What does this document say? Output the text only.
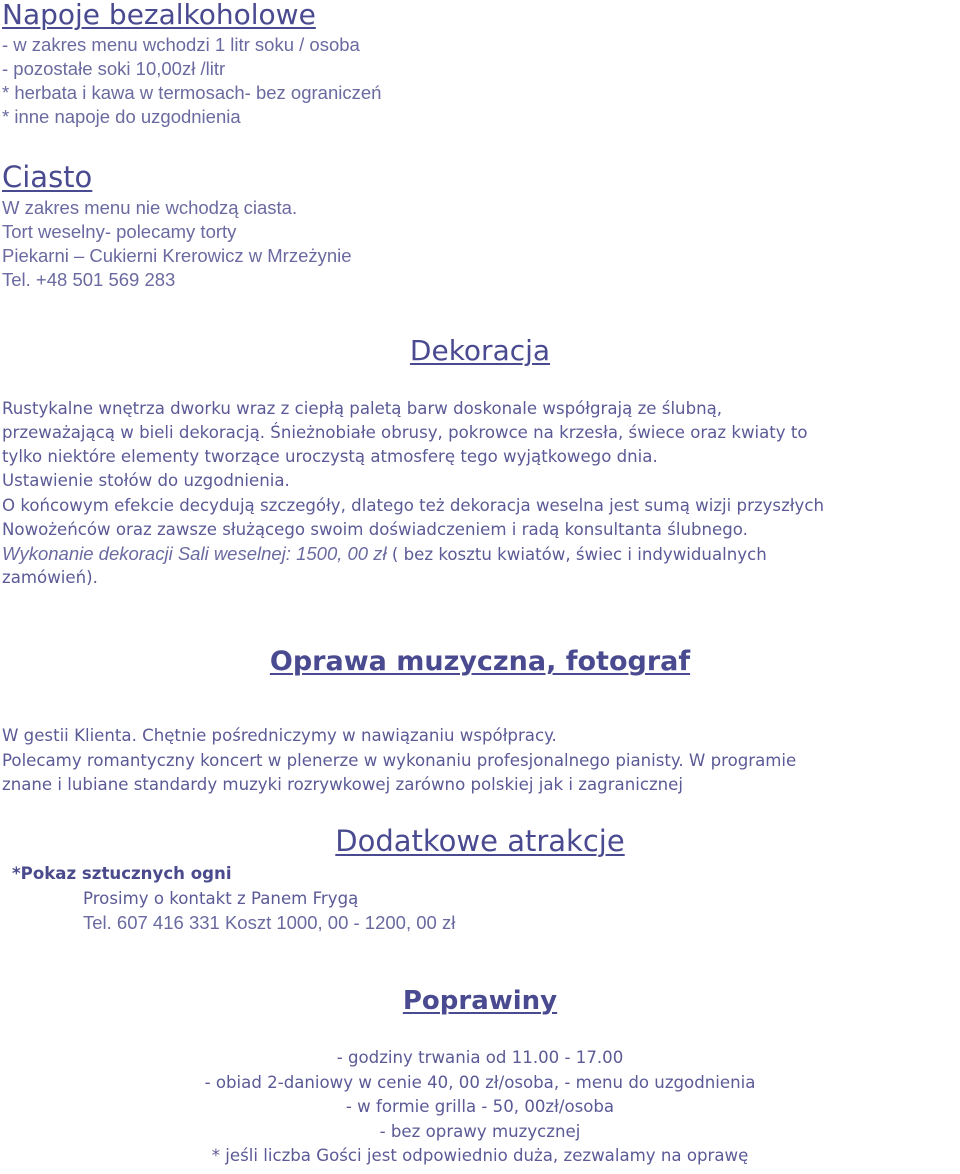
Napoje bezalkoholowe

- w zakres menu wchodzi 1 litr soku / osoba

- pozostałe soki 10,00zł /litr

* herbata i kawa w termosach- bez ograniczeń

* inne napoje do uzgodnienia

Ciasto

W zakres menu nie wchodzą ciasta.

Tort weselny- polecamy torty

Piekarni – Cukierni Krerowicz w Mrzeżynie

Tel. +48 501 569 283

Dekoracja

Rustykalne wnętrza dworku wraz z ciepłą paletą barw doskonale współgrają ze ślubną,

przeważającą w bieli dekoracją. Śnieżnobiałe obrusy, pokrowce na krzesła, świece oraz kwiaty to

tylko niektóre elementy tworzące uroczystą atmosferę tego wyjątkowego dnia.

Ustawienie stołów do uzgodnienia.

O końcowym efekcie decydują szczegóły, dlatego też dekoracja weselna jest sumą wizji przyszłych

Nowożeńców oraz zawsze służącego swoim doświadczeniem i radą konsultanta ślubnego.

Wykonanie dekoracji Sali weselnej: 1500, 00 zł ( bez kosztu kwiatów, świec i indywidualnych

zamówień).

Oprawa muzyczna, fotograf

W gestii Klienta. Chętnie pośredniczymy w nawiązaniu współpracy.

Polecamy romantyczny koncert w plenerze w wykonaniu profesjonalnego pianisty. W programie

znane i lubiane standardy muzyki rozrywkowej zarówno polskiej jak i zagranicznej

Dodatkowe atrakcje

*Pokaz sztucznych ogni

Prosimy o kontakt z Panem Frygą

Tel. 607 416 331 Koszt 1000, 00 - 1200, 00 zł

Poprawiny

- godziny trwania od 11.00 - 17.00

- obiad 2-daniowy w cenie 40, 00 zł/osoba, - menu do uzgodnienia

- w formie grilla - 50, 00zł/osoba

- bez oprawy muzycznej

* jeśli liczba Gości jest odpowiednio duża, zezwalamy na oprawę
